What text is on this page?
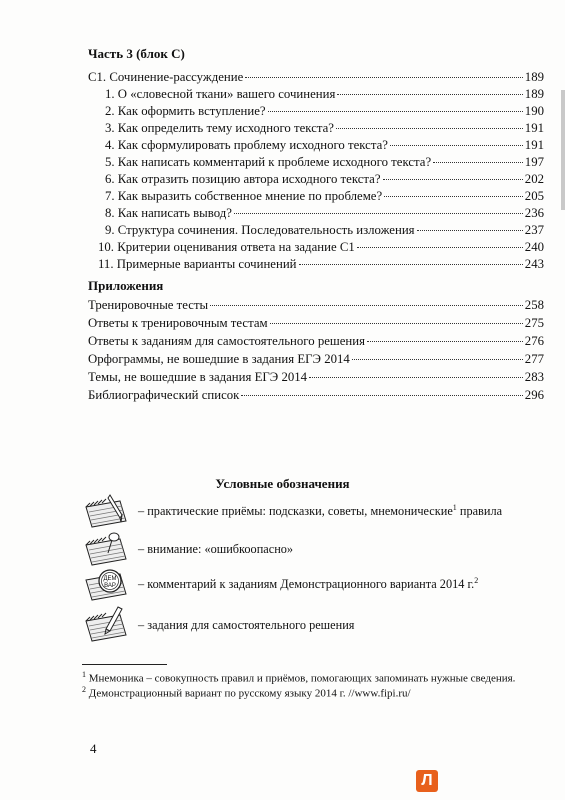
Часть 3 (блок С)
С1. Сочинение-рассуждение	189
1. О «словесной ткани» вашего сочинения	189
2. Как оформить вступление?	190
3. Как определить тему исходного текста?	191
4. Как сформулировать проблему исходного текста?	191
5. Как написать комментарий к проблеме исходного текста?	197
6. Как отразить позицию автора исходного текста?	202
7. Как выразить собственное мнение по проблеме?	205
8. Как написать вывод?	236
9. Структура сочинения. Последовательность изложения	237
10. Критерии оценивания ответа на задание С1	240
11. Примерные варианты сочинений	243
Приложения
Тренировочные тесты	258
Ответы к тренировочным тестам	275
Ответы к заданиям для самостоятельного решения	276
Орфограммы, не вошедшие в задания ЕГЭ 2014	277
Темы, не вошедшие в задания ЕГЭ 2014	283
Библиографический список	296
Условные обозначения
– практические приёмы: подсказки, советы, мнемонические$^1$ правила
– внимание: «ошибкоопасно»
ДЕМ
ВАР – комментарий к заданиям Демонстрационного варианта 2014 г.$^2$
– задания для самостоятельного решения
$^1$ Мнемоника – совокупность правил и приёмов, помогающих запоминать нужные сведения.
$^2$ Демонстрационный вариант по русскому языку 2014 г. //www.fipi.ru/
4
Л
